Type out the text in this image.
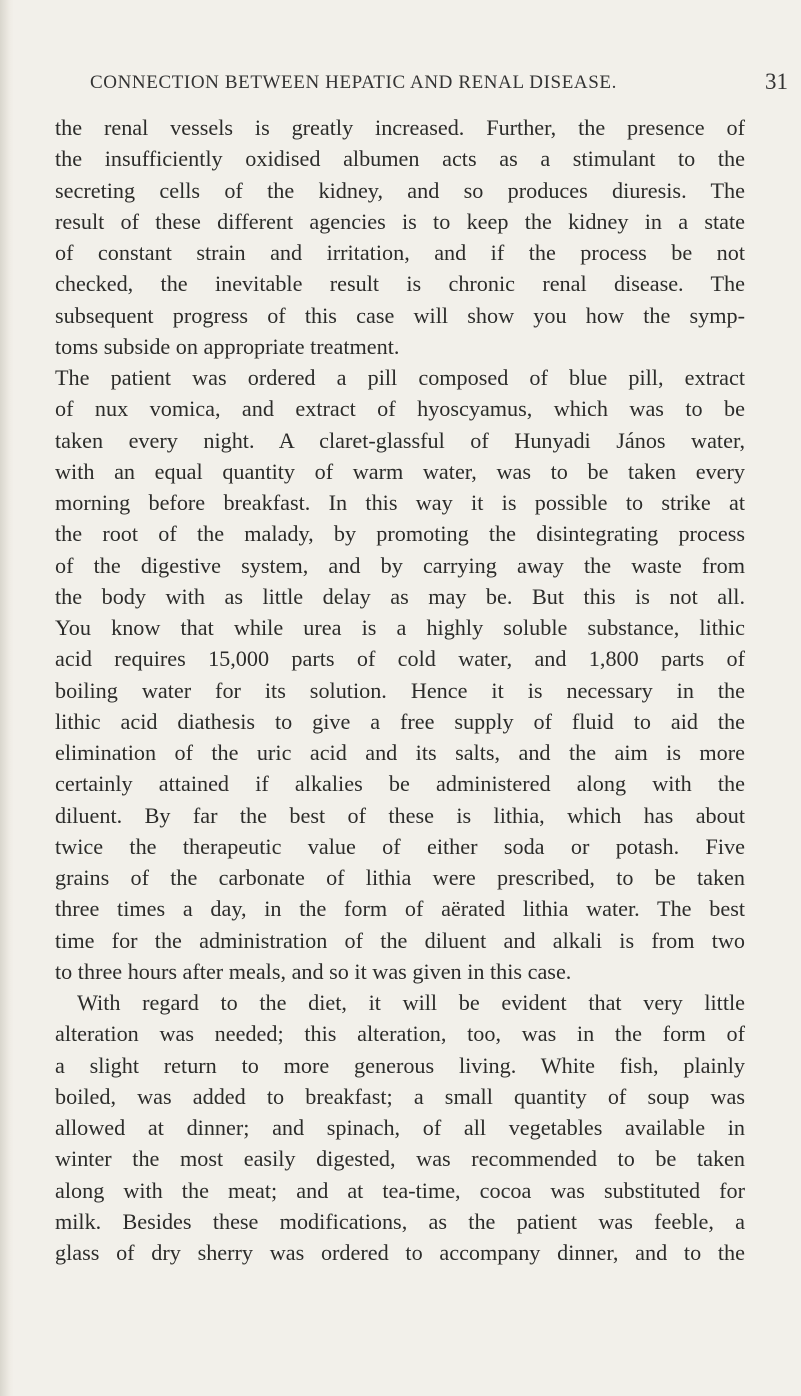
CONNECTION BETWEEN HEPATIC AND RENAL DISEASE.	31
the renal vessels is greatly increased. Further, the presence of
the insufficiently oxidised albumen acts as a stimulant to the
secreting cells of the kidney, and so produces diuresis. The
result of these different agencies is to keep the kidney in a state
of constant strain and irritation, and if the process be not
checked, the inevitable result is chronic renal disease. The
subsequent progress of this case will show you how the symp-
toms subside on appropriate treatment.
The patient was ordered a pill composed of blue pill, extract
of nux vomica, and extract of hyoscyamus, which was to be
taken every night. A claret-glassful of Hunyadi János water,
with an equal quantity of warm water, was to be taken every
morning before breakfast. In this way it is possible to strike at
the root of the malady, by promoting the disintegrating process
of the digestive system, and by carrying away the waste from
the body with as little delay as may be. But this is not all.
You know that while urea is a highly soluble substance, lithic
acid requires 15,000 parts of cold water, and 1,800 parts of
boiling water for its solution. Hence it is necessary in the
lithic acid diathesis to give a free supply of fluid to aid the
elimination of the uric acid and its salts, and the aim is more
certainly attained if alkalies be administered along with the
diluent. By far the best of these is lithia, which has about
twice the therapeutic value of either soda or potash. Five
grains of the carbonate of lithia were prescribed, to be taken
three times a day, in the form of aërated lithia water. The best
time for the administration of the diluent and alkali is from two
to three hours after meals, and so it was given in this case.
With regard to the diet, it will be evident that very little
alteration was needed; this alteration, too, was in the form of
a slight return to more generous living. White fish, plainly
boiled, was added to breakfast; a small quantity of soup was
allowed at dinner; and spinach, of all vegetables available in
winter the most easily digested, was recommended to be taken
along with the meat; and at tea-time, cocoa was substituted for
milk. Besides these modifications, as the patient was feeble, a
glass of dry sherry was ordered to accompany dinner, and to the
